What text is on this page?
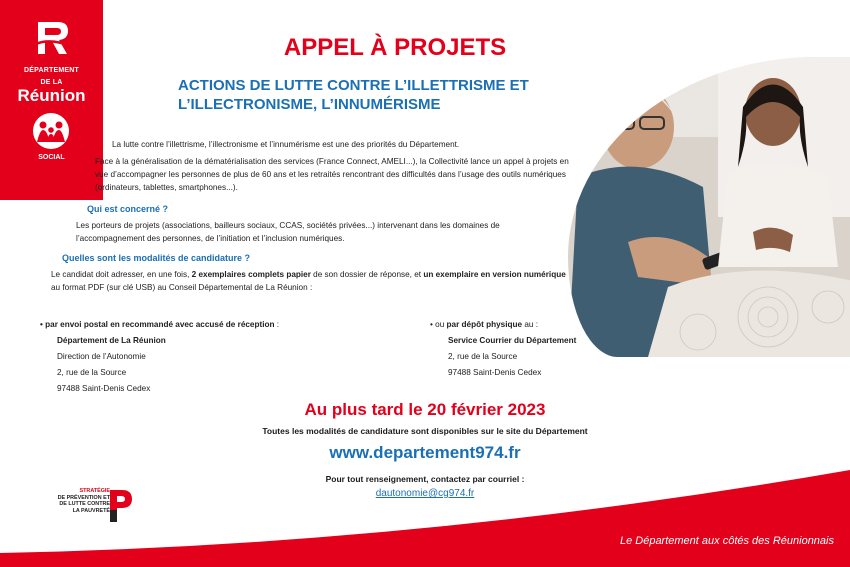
DÉPARTEMENT
DE LA
Réunion
SOCIAL
Le Département aux côtés des Réunionnais
APPEL À PROJETS
ACTIONS DE LUTTE CONTRE L’ILLETTRISME ET
L’ILLECTRONISME, L’INNUMÉRISME
La lutte contre l’illettrisme, l’illectronisme et l’innumérisme est une des priorités du Département.
Face à la généralisation de la dématérialisation des services (France Connect, AMELI...), la Collectivité lance un appel à projets en vue d’accompagner les personnes de plus de 60 ans et les retraités rencontrant des difficultés dans l’usage des outils numériques (ordinateurs, tablettes, smartphones...).
Qui est concerné ?
Les porteurs de projets (associations, bailleurs sociaux, CCAS, sociétés privées...) intervenant dans les domaines de l’accompagnement des personnes, de l’initiation et l’inclusion numériques.
Quelles sont les modalités de candidature ?
Le candidat doit adresser, en une fois, 2 exemplaires complets papier de son dossier de réponse, et un exemplaire en version numérique au format PDF (sur clé USB) au Conseil Départemental de La Réunion :
• par envoi postal en recommandé avec accusé de réception :
Département de La Réunion
Direction de l’Autonomie
2, rue de la Source
97488 Saint-Denis Cedex
• ou par dépôt physique au :
Service Courrier du Département
2, rue de la Source
97488 Saint-Denis Cedex
Au plus tard le 20 février 2023
Toutes les modalités de candidature sont disponibles sur le site du Département
www.departement974.fr
Pour tout renseignement, contactez par courriel :
dautonomie@cg974.fr
STRATÉGIE
DE PRÉVENTION ET
DE LUTTE CONTRE
LA PAUVRETÉ
